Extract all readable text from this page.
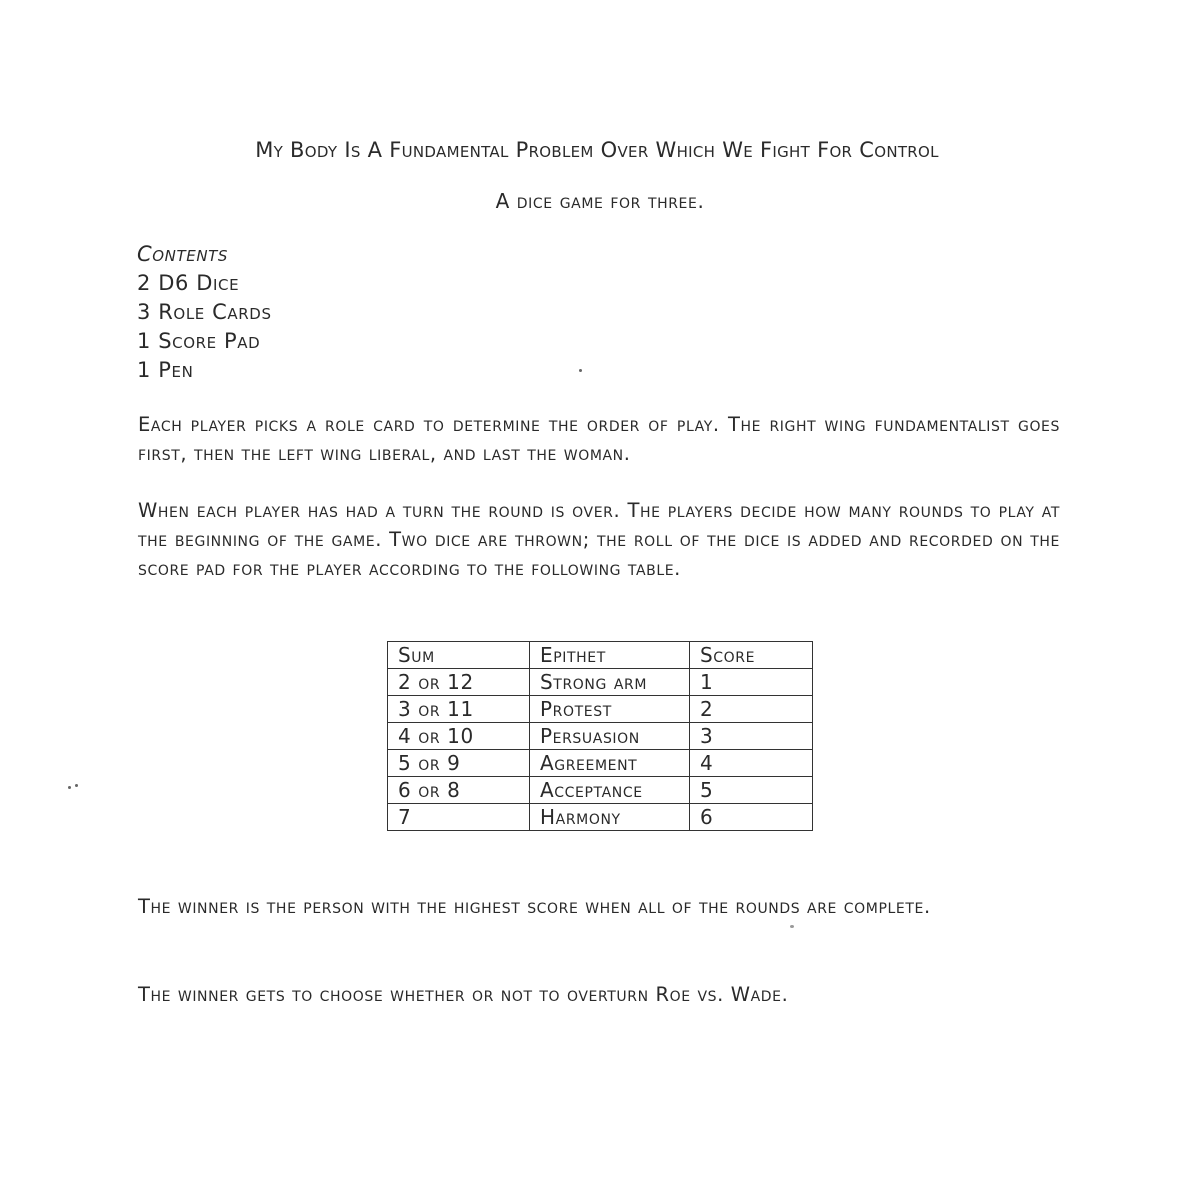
My Body Is A Fundamental Problem Over Which We Fight For Control
A dice game for three.
Contents
2 D6 Dice
3 Role Cards
1 Score Pad
1 Pen

Each player picks a role card to determine the order of play. The right wing fundamentalist goes first, then the left wing liberal, and last the woman.

When each player has had a turn the round is over. The players decide how many rounds to play at the beginning of the game. Two dice are thrown; the roll of the dice is added and recorded on the score pad for the player according to the following table.

Sum	Epithet	Score
2 or 12	Strong arm	1
3 or 11	Protest	2
4 or 10	Persuasion	3
5 or 9	Agreement	4
6 or 8	Acceptance	5
7	Harmony	6

The winner is the person with the highest score when all of the rounds are complete.

The winner gets to choose whether or not to overturn Roe vs. Wade.
